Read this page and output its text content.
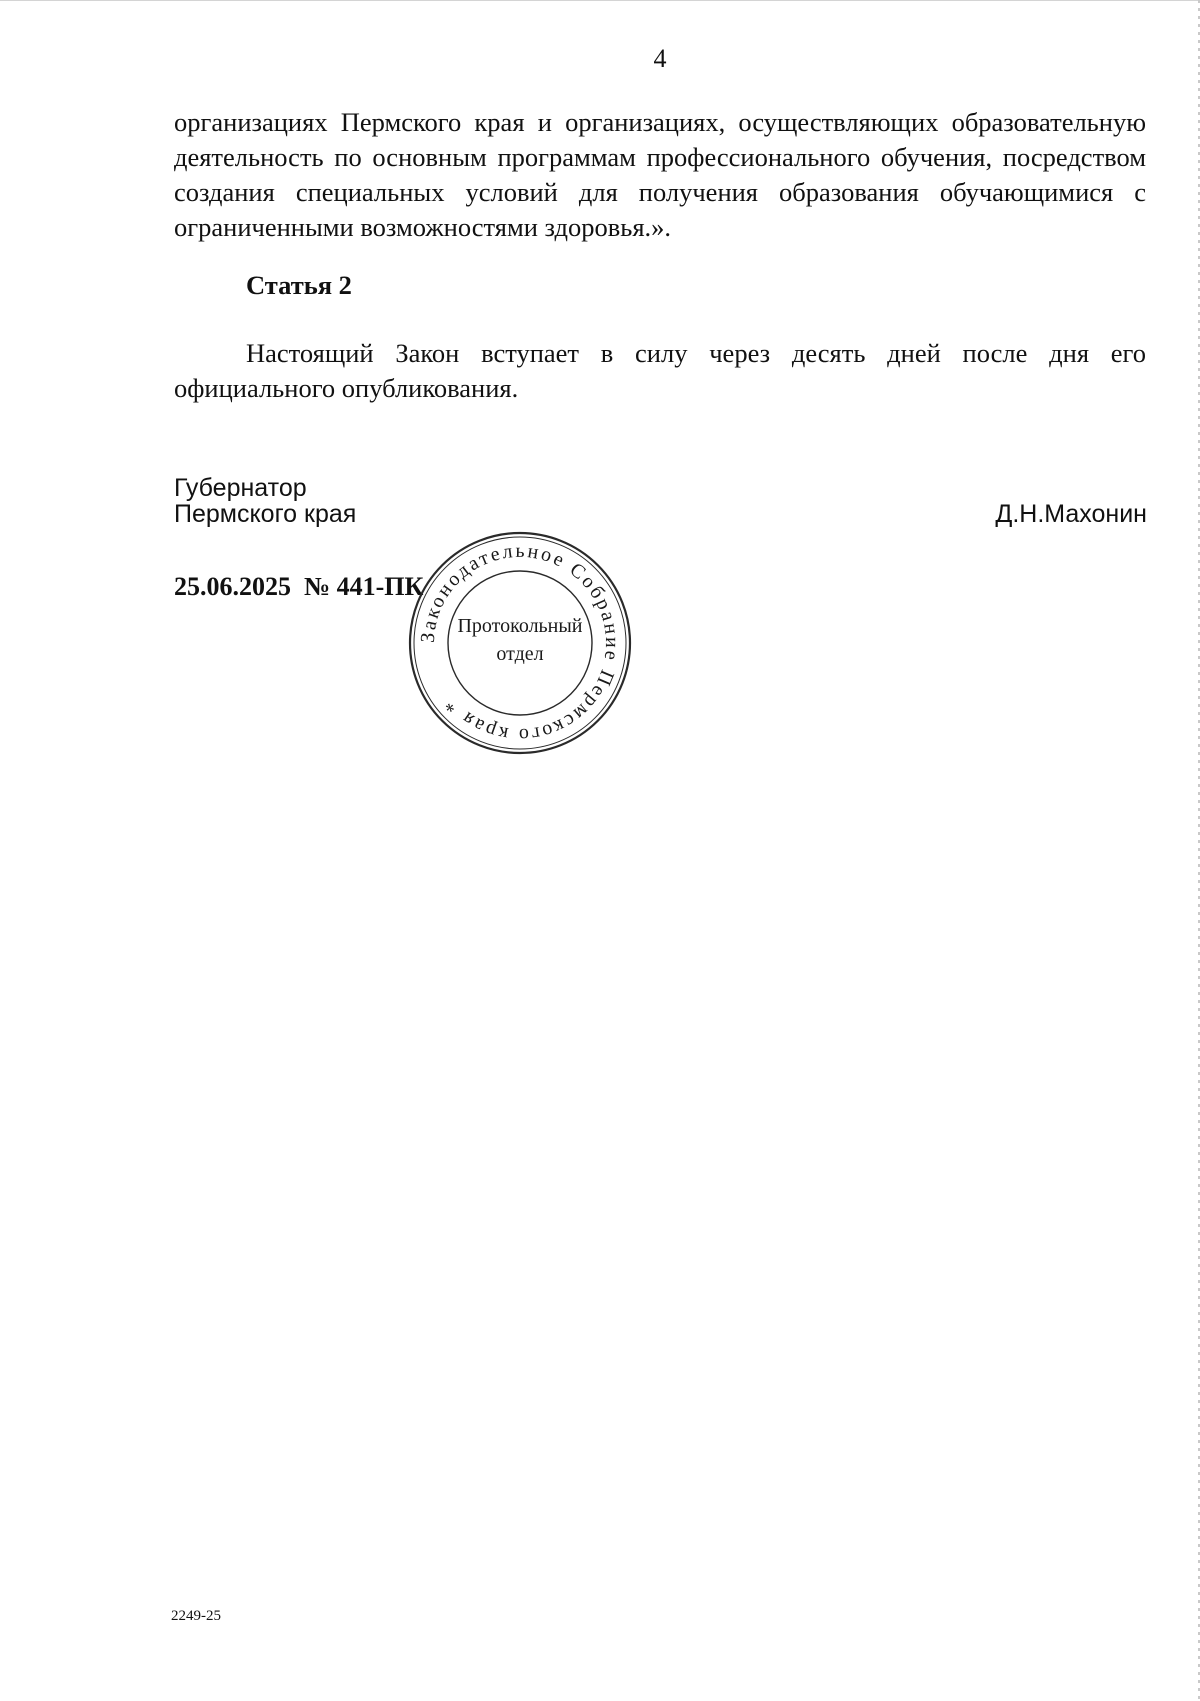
4
организациях Пермского края и организациях, осуществляющих образовательную деятельность по основным программам профессионального обучения, посредством создания специальных условий для получения образования обучающимися с ограниченными возможностями здоровья.».
Статья 2
Настоящий Закон вступает в силу через десять дней после дня его официального опубликования.
Губернатор
Пермского края	Д.Н.Махонин
25.06.2025 № 441-ПК
Законодательное Собрание Пермского края *
Протокольный
отдел
2249-25
